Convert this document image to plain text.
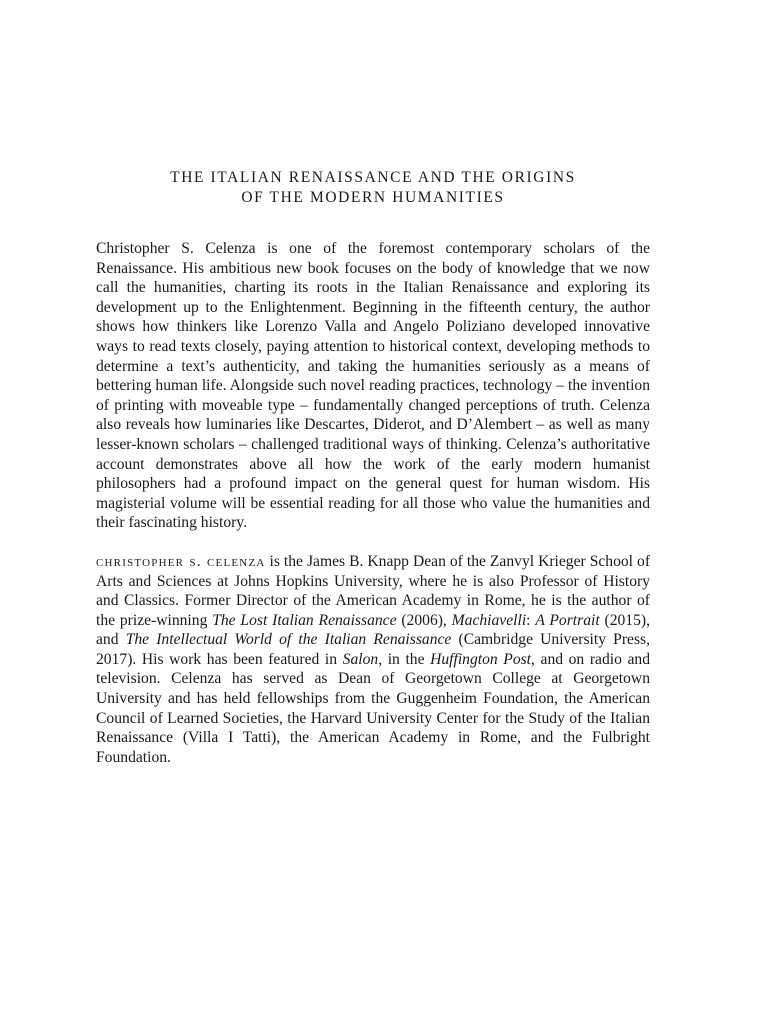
THE ITALIAN RENAISSANCE AND THE ORIGINS
OF THE MODERN HUMANITIES

Christopher S. Celenza is one of the foremost contemporary scholars of the Renaissance. His ambitious new book focuses on the body of knowledge that we now call the humanities, charting its roots in the Italian Renaissance and exploring its development up to the Enlightenment. Beginning in the fifteenth century, the author shows how thinkers like Lorenzo Valla and Angelo Poliziano developed innovative ways to read texts closely, paying attention to historical context, developing methods to determine a text’s authenticity, and taking the humanities seriously as a means of bettering human life. Alongside such novel reading practices, technology – the invention of printing with moveable type – fundamentally changed perceptions of truth. Celenza also reveals how luminaries like Descartes, Diderot, and D’Alembert – as well as many lesser-known scholars – challenged traditional ways of thinking. Celenza’s authoritative account demonstrates above all how the work of the early modern humanist philosophers had a profound impact on the general quest for human wisdom. His magisterial volume will be essential reading for all those who value the humanities and their fascinating history.

christopher s. celenza is the James B. Knapp Dean of the Zanvyl Krieger School of Arts and Sciences at Johns Hopkins University, where he is also Professor of History and Classics. Former Director of the American Academy in Rome, he is the author of the prize-winning The Lost Italian Renaissance (2006), Machiavelli: A Portrait (2015), and The Intellectual World of the Italian Renaissance (Cambridge University Press, 2017). His work has been featured in Salon, in the Huffington Post, and on radio and television. Celenza has served as Dean of Georgetown College at Georgetown University and has held fellowships from the Guggenheim Foundation, the American Council of Learned Societies, the Harvard University Center for the Study of the Italian Renaissance (Villa I Tatti), the American Academy in Rome, and the Fulbright Foundation.
